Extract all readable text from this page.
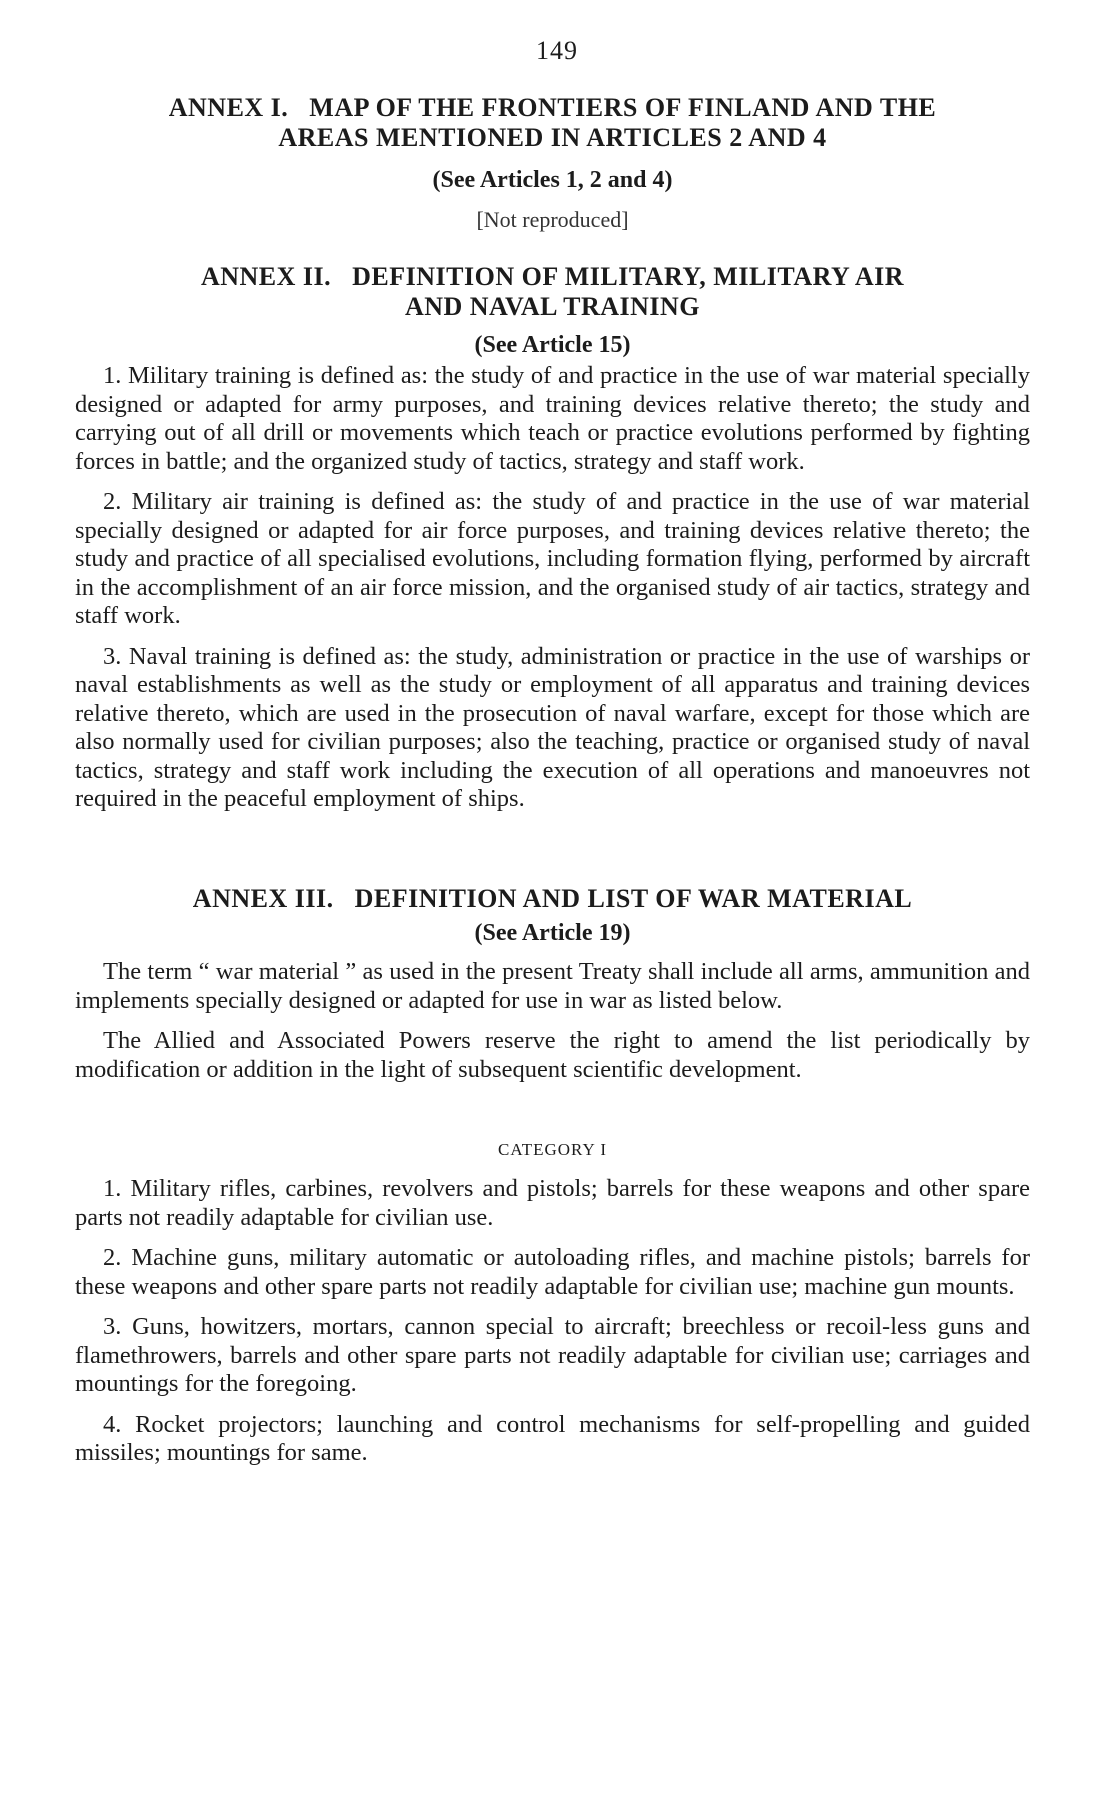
149
ANNEX I.   MAP OF THE FRONTIERS OF FINLAND AND THE
AREAS MENTIONED IN ARTICLES 2 AND 4
(See Articles 1, 2 and 4)
[Not reproduced]
ANNEX II.   DEFINITION OF MILITARY, MILITARY AIR
AND NAVAL TRAINING
(See Article 15)

1. Military training is defined as: the study of and practice in the use of war material specially designed or adapted for army purposes, and training devices relative thereto; the study and carrying out of all drill or movements which teach or practice evolutions performed by fighting forces in battle; and the organized study of tactics, strategy and staff work.

2. Military air training is defined as: the study of and practice in the use of war material specially designed or adapted for air force purposes, and training devices relative thereto; the study and practice of all specialised evolutions, including formation flying, performed by aircraft in the accomplishment of an air force mission, and the organised study of air tactics, strategy and staff work.

3. Naval training is defined as: the study, administration or practice in the use of warships or naval establishments as well as the study or employment of all apparatus and training devices relative thereto, which are used in the prosecution of naval warfare, except for those which are also normally used for civilian purposes; also the teaching, practice or organised study of naval tactics, strategy and staff work including the execution of all operations and manoeuvres not required in the peaceful employment of ships.

ANNEX III.   DEFINITION AND LIST OF WAR MATERIAL
(See Article 19)

The term “ war material ” as used in the present Treaty shall include all arms, ammunition and implements specially designed or adapted for use in war as listed below.

The Allied and Associated Powers reserve the right to amend the list periodically by modification or addition in the light of subsequent scientific development.

CATEGORY I

1. Military rifles, carbines, revolvers and pistols; barrels for these weapons and other spare parts not readily adaptable for civilian use.

2. Machine guns, military automatic or autoloading rifles, and machine pistols; barrels for these weapons and other spare parts not readily adaptable for civilian use; machine gun mounts.

3. Guns, howitzers, mortars, cannon special to aircraft; breechless or recoil-less guns and flamethrowers, barrels and other spare parts not readily adaptable for civilian use; carriages and mountings for the foregoing.

4. Rocket projectors; launching and control mechanisms for self-propelling and guided missiles; mountings for same.
